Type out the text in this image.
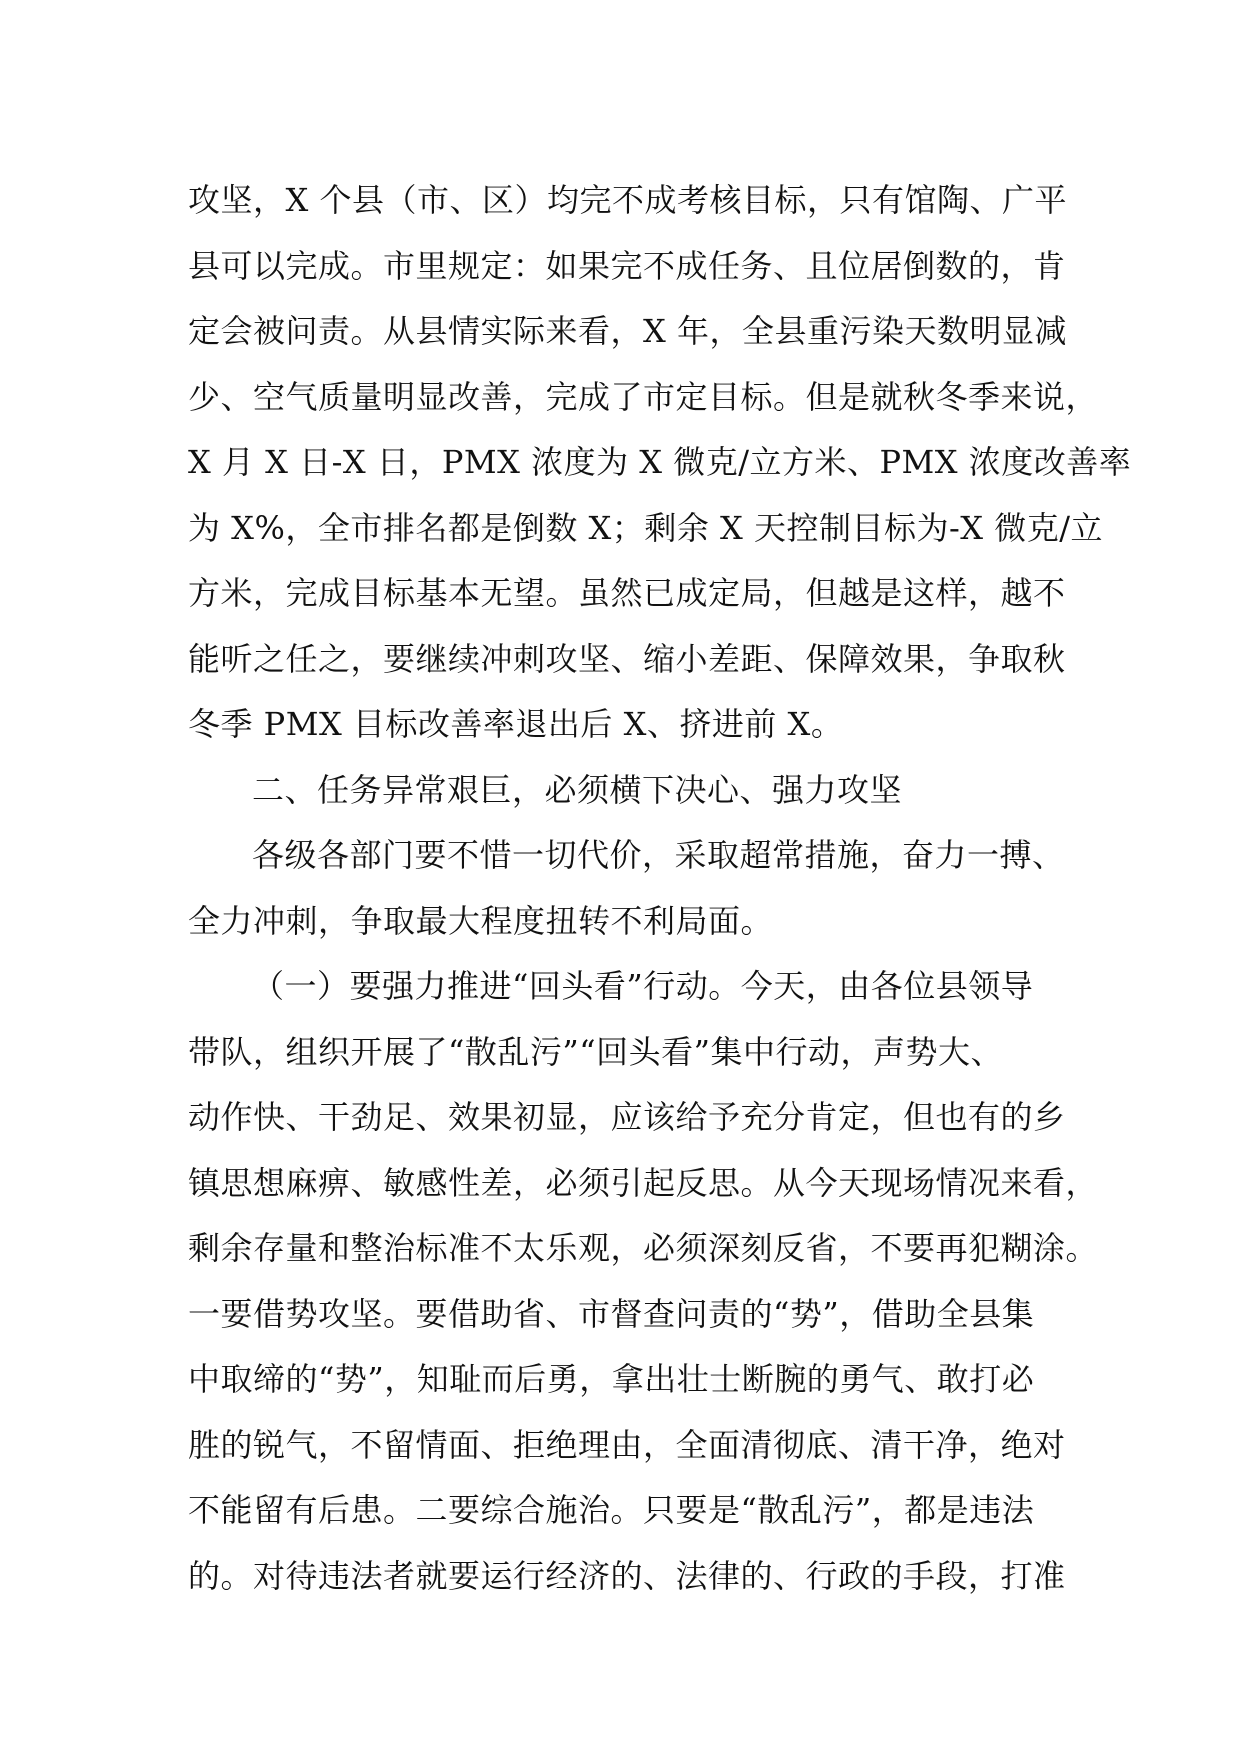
攻坚，X 个县（市、区）均完不成考核目标，只有馆陶、广平
县可以完成。市里规定：如果完不成任务、且位居倒数的，肯
定会被问责。从县情实际来看，X 年，全县重污染天数明显减
少、空气质量明显改善，完成了市定目标。但是就秋冬季来说，
X 月 X 日-X 日，PMX 浓度为 X 微克/立方米、PMX 浓度改善率
为 X%，全市排名都是倒数 X；剩余 X 天控制目标为-X 微克/立
方米，完成目标基本无望。虽然已成定局，但越是这样，越不
能听之任之，要继续冲刺攻坚、缩小差距、保障效果，争取秋
冬季 PMX 目标改善率退出后 X、挤进前 X。
二、任务异常艰巨，必须横下决心、强力攻坚
各级各部门要不惜一切代价，采取超常措施，奋力一搏、
全力冲刺，争取最大程度扭转不利局面。
（一）要强力推进“回头看”行动。今天，由各位县领导
带队，组织开展了“散乱污”“回头看”集中行动，声势大、
动作快、干劲足、效果初显，应该给予充分肯定，但也有的乡
镇思想麻痹、敏感性差，必须引起反思。从今天现场情况来看，
剩余存量和整治标准不太乐观，必须深刻反省，不要再犯糊涂。
一要借势攻坚。要借助省、市督查问责的“势”，借助全县集
中取缔的“势”，知耻而后勇，拿出壮士断腕的勇气、敢打必
胜的锐气，不留情面、拒绝理由，全面清彻底、清干净，绝对
不能留有后患。二要综合施治。只要是“散乱污”，都是违法
的。对待违法者就要运行经济的、法律的、行政的手段，打准
